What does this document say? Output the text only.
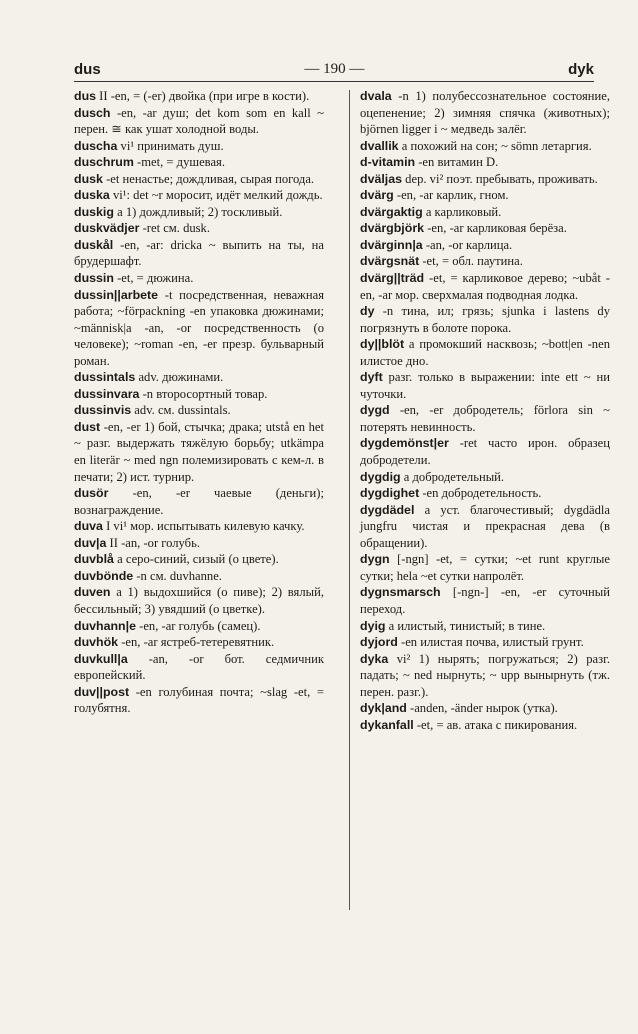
dus	— 190 —	dyk

dus II -en, = (-er) двойка (при игре в кости).

dusch -en, -ar душ; det kom som en kall ~ перен. ≅ как ушат холодной воды.

duscha vi¹ принимать душ.

duschrum -met, = душевая.

dusk -et ненастье; дождливая, сырая погода.

duska vi¹: det ~r моросит, идёт мелкий дождь.

duskig a 1) дождливый; 2) тоскливый.

duskvädjer -ret см. dusk.

duskål -en, -ar: dricka ~ выпить на ты, на брудершафт.

dussin -et, = дюжина.

dussin||arbete -t посредственная, неважная работа; ~förpackning -en упаковка дюжинами; ~människ|a -an, -or посредственность (о человеке); ~roman -en, -er презр. бульварный роман.

dussintals adv. дюжинами.

dussinvara -n второсортный товар.

dussinvis adv. см. dussintals.

dust -en, -er 1) бой, стычка; драка; utstå en het ~ разг. выдержать тяжёлую борьбу; utkämpa en literär ~ med ngn полемизировать с кем-л. в печати; 2) ист. турнир.

dusör -en, -er чаевые (деньги); вознаграждение.

duva I vi¹ мор. испытывать килевую качку.

duv|a II -an, -or голубь.

duvblå a серо-синий, сизый (о цвете).

duvbönde -n см. duvhanne.

duven a 1) выдохшийся (о пиве); 2) вялый, бессильный; 3) увядший (о цветке).

duvhann|e -en, -ar голубь (самец).

duvhök -en, -ar ястреб-тетеревятник.

duvkull|a -an, -or бот. седмичник европейский.

duv||post -en голубиная почта; ~slag -et, = голубятня.

dvala -n 1) полубессознательное состояние, оцепенение; 2) зимняя спячка (животных); björnen ligger i ~ медведь залёг.

dvallik a похожий на сон; ~ sömn летаргия.

d-vitamin -en витамин D.

dväljas dep. vi² поэт. пребывать, проживать.

dvärg -en, -ar карлик, гном.

dvärgaktig a карликовый.

dvärgbjörk -en, -ar карликовая берёза.

dvärginn|a -an, -or карлица.

dvärgsnät -et, = обл. паутина.

dvärg||träd -et, = карликовое дерево; ~ubåt -en, -ar мор. сверхмалая подводная лодка.

dy -n тина, ил; грязь; sjunka i lastens dy погрязнуть в болоте порока.

dy||blöt a промокший насквозь; ~bott|en -nen илистое дно.

dyft разг. только в выражении: inte ett ~ ни чуточки.

dygd -en, -er добродетель; förlora sin ~ потерять невинность.

dygdemönst|er -ret часто ирон. образец добродетели.

dygdig a добродетельный.

dygdighet -en добродетельность.

dygdädel a уст. благочестивый; dygdädla jungfru чистая и прекрасная дева (в обращении).

dygn [-ngn] -et, = сутки; ~et runt круглые сутки; hela ~et сутки напролёт.

dygnsmarsch [-ngn-] -en, -er суточный переход.

dyig a илистый, тинистый; в тине.

dyjord -en илистая почва, илистый грунт.

dyka vi² 1) нырять; погружаться; 2) разг. падать; ~ ned нырнуть; ~ upp вынырнуть (тж. перен. разг.).

dyk|and -anden, -änder нырок (утка).

dykanfall -et, = ав. атака с пикирования.
